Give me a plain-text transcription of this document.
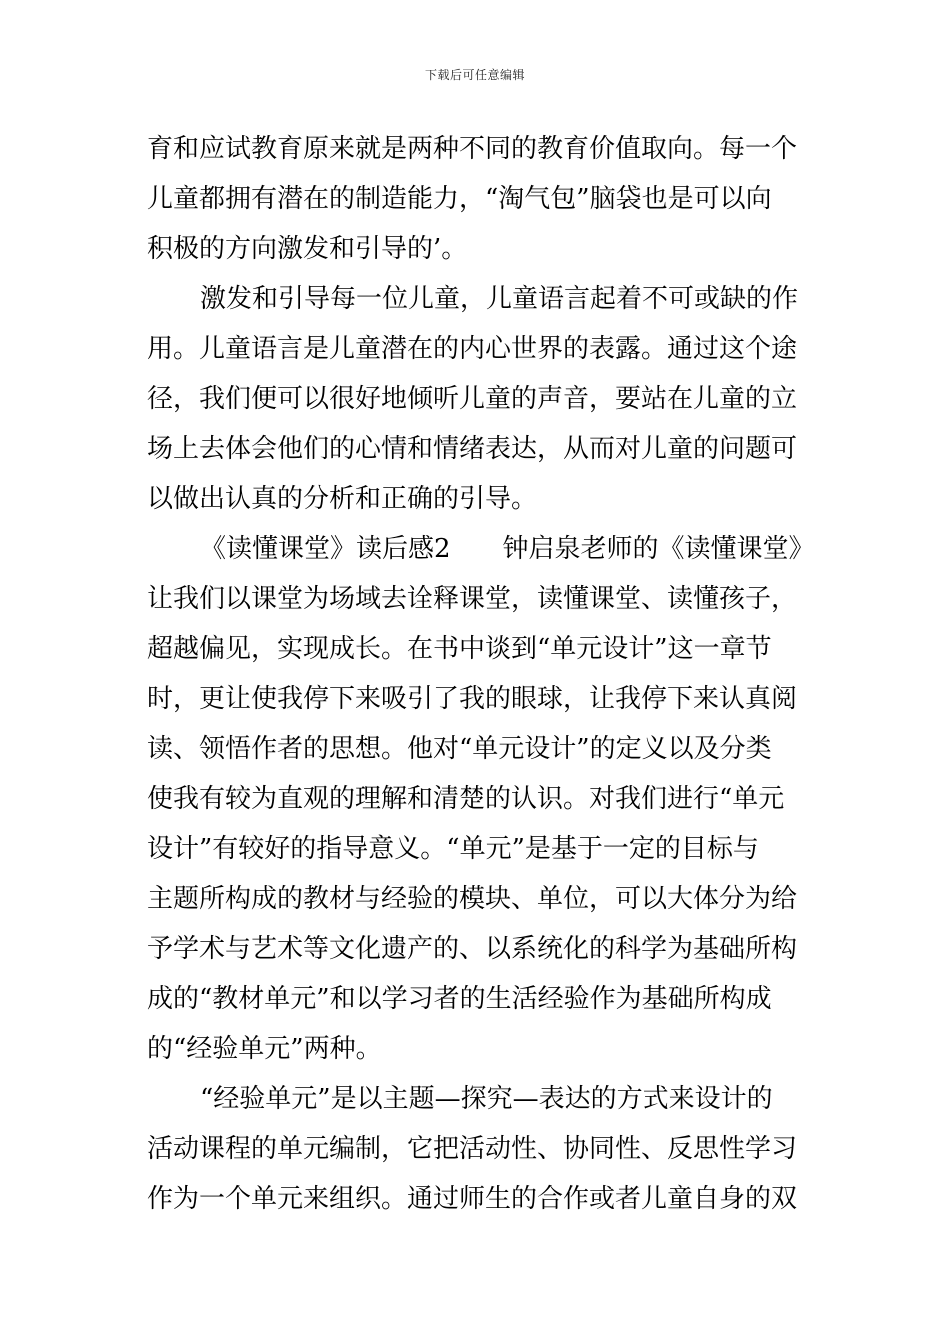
下载后可任意编辑
育和应试教育原来就是两种不同的教育价值取向。每一个
儿童都拥有潜在的制造能力，“淘气包”脑袋也是可以向
积极的方向激发和引导的’。
激发和引导每一位儿童，儿童语言起着不可或缺的作
用。儿童语言是儿童潜在的内心世界的表露。通过这个途
径，我们便可以很好地倾听儿童的声音，要站在儿童的立
场上去体会他们的心情和情绪表达，从而对儿童的问题可
以做出认真的分析和正确的引导。
《读懂课堂》读后感2　　钟启泉老师的《读懂课堂》
让我们以课堂为场域去诠释课堂，读懂课堂、读懂孩子，
超越偏见，实现成长。在书中谈到“单元设计”这一章节
时，更让使我停下来吸引了我的眼球，让我停下来认真阅
读、领悟作者的思想。他对“单元设计”的定义以及分类
使我有较为直观的理解和清楚的认识。对我们进行“单元
设计”有较好的指导意义。“单元”是基于一定的目标与
主题所构成的教材与经验的模块、单位，可以大体分为给
予学术与艺术等文化遗产的、以系统化的科学为基础所构
成的“教材单元”和以学习者的生活经验作为基础所构成
的“经验单元”两种。
“经验单元”是以主题—探究—表达的方式来设计的
活动课程的单元编制，它把活动性、协同性、反思性学习
作为一个单元来组织。通过师生的合作或者儿童自身的双
